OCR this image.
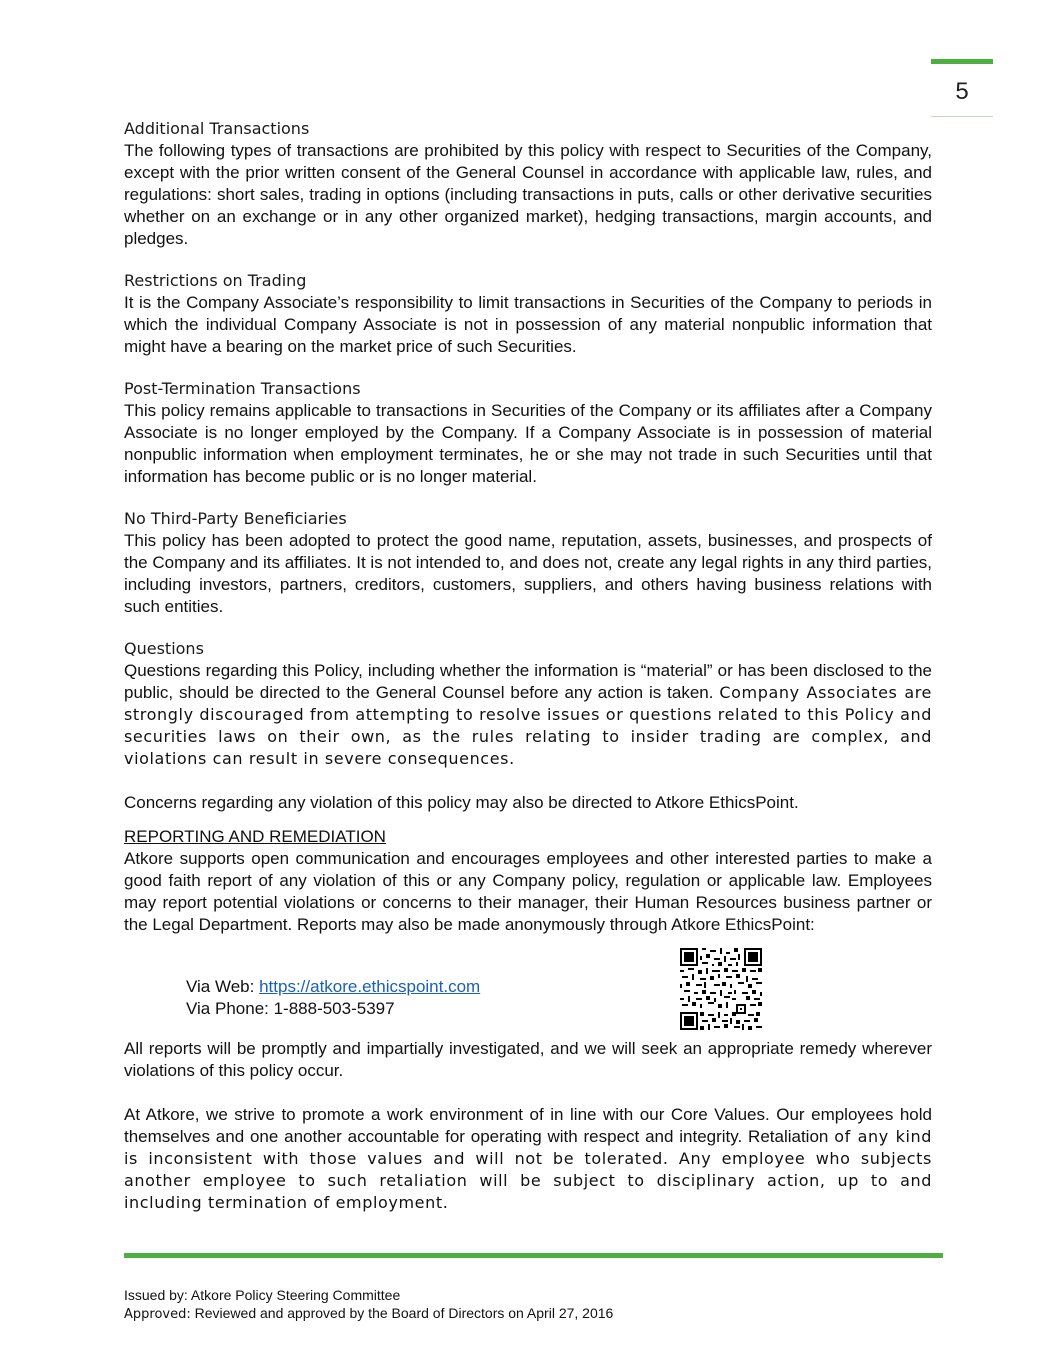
5
Additional Transactions

The following types of transactions are prohibited by this policy with respect to Securities of the Company, except with the prior written consent of the General Counsel in accordance with applicable law, rules, and regulations: short sales, trading in options (including transactions in puts, calls or other derivative securities whether on an exchange or in any other organized market), hedging transactions, margin accounts, and pledges.

Restrictions on Trading

It is the Company Associate’s responsibility to limit transactions in Securities of the Company to periods in which the individual Company Associate is not in possession of any material nonpublic information that might have a bearing on the market price of such Securities.

Post-Termination Transactions

This policy remains applicable to transactions in Securities of the Company or its affiliates after a Company Associate is no longer employed by the Company. If a Company Associate is in possession of material nonpublic information when employment terminates, he or she may not trade in such Securities until that information has become public or is no longer material.

No Third-Party Beneficiaries

This policy has been adopted to protect the good name, reputation, assets, businesses, and prospects of the Company and its affiliates. It is not intended to, and does not, create any legal rights in any third parties, including investors, partners, creditors, customers, suppliers, and others having business relations with such entities.

Questions

Questions regarding this Policy, including whether the information is “material” or has been disclosed to the public, should be directed to the General Counsel before any action is taken. Company Associates are strongly discouraged from attempting to resolve issues or questions related to this Policy and securities laws on their own, as the rules relating to insider trading are complex, and violations can result in severe consequences.

Concerns regarding any violation of this policy may also be directed to Atkore EthicsPoint.

REPORTING AND REMEDIATION

Atkore supports open communication and encourages employees and other interested parties to make a good faith report of any violation of this or any Company policy, regulation or applicable law. Employees may report potential violations or concerns to their manager, their Human Resources business partner or the Legal Department. Reports may also be made anonymously through Atkore EthicsPoint:

Via Web: https://atkore.ethicspoint.com
Via Phone: 1-888-503-5397

All reports will be promptly and impartially investigated, and we will seek an appropriate remedy wherever violations of this policy occur.

At Atkore, we strive to promote a work environment of in line with our Core Values. Our employees hold themselves and one another accountable for operating with respect and integrity. Retaliation of any kind is inconsistent with those values and will not be tolerated. Any employee who subjects another employee to such retaliation will be subject to disciplinary action, up to and including termination of employment.

Issued by: Atkore Policy Steering Committee
Approved: Reviewed and approved by the Board of Directors on April 27, 2016
